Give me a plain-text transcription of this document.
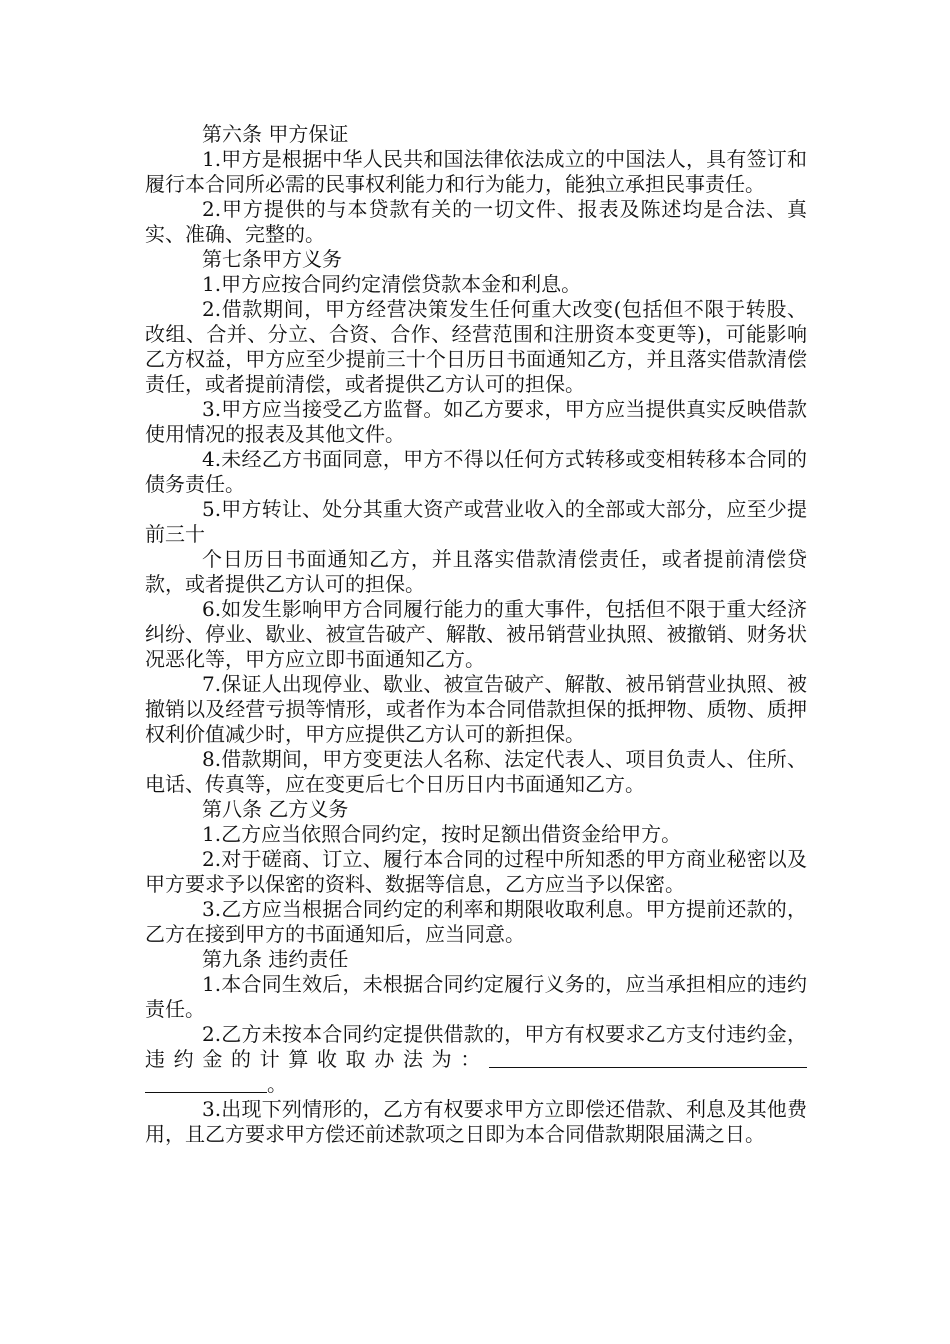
第六条 甲方保证

1.甲方是根据中华人民共和国法律依法成立的中国法人，具有签订和履行本合同所必需的民事权利能力和行为能力，能独立承担民事责任。

2.甲方提供的与本贷款有关的一切文件、报表及陈述均是合法、真实、准确、完整的。

第七条甲方义务

1.甲方应按合同约定清偿贷款本金和利息。

2.借款期间，甲方经营决策发生任何重大改变(包括但不限于转股、改组、合并、分立、合资、合作、经营范围和注册资本变更等)，可能影响乙方权益，甲方应至少提前三十个日历日书面通知乙方，并且落实借款清偿责任，或者提前清偿，或者提供乙方认可的担保。

3.甲方应当接受乙方监督。如乙方要求，甲方应当提供真实反映借款使用情况的报表及其他文件。

4.未经乙方书面同意，甲方不得以任何方式转移或变相转移本合同的债务责任。

5.甲方转让、处分其重大资产或营业收入的全部或大部分，应至少提前三十

个日历日书面通知乙方，并且落实借款清偿责任，或者提前清偿贷款，或者提供乙方认可的担保。

6.如发生影响甲方合同履行能力的重大事件，包括但不限于重大经济纠纷、停业、歇业、被宣告破产、解散、被吊销营业执照、被撤销、财务状况恶化等，甲方应立即书面通知乙方。

7.保证人出现停业、歇业、被宣告破产、解散、被吊销营业执照、被撤销以及经营亏损等情形，或者作为本合同借款担保的抵押物、质物、质押权利价值减少时，甲方应提供乙方认可的新担保。

8.借款期间，甲方变更法人名称、法定代表人、项目负责人、住所、电话、传真等，应在变更后七个日历日内书面通知乙方。

第八条 乙方义务

1.乙方应当依照合同约定，按时足额出借资金给甲方。

2.对于磋商、订立、履行本合同的过程中所知悉的甲方商业秘密以及甲方要求予以保密的资料、数据等信息，乙方应当予以保密。

3.乙方应当根据合同约定的利率和期限收取利息。甲方提前还款的，乙方在接到甲方的书面通知后，应当同意。

第九条 违约责任

1.本合同生效后，未根据合同约定履行义务的，应当承担相应的违约责任。

2.乙方未按本合同约定提供借款的，甲方有权要求乙方支付违约金，违约金的计算收取办法为：。

3.出现下列情形的，乙方有权要求甲方立即偿还借款、利息及其他费用，且乙方要求甲方偿还前述款项之日即为本合同借款期限届满之日。
